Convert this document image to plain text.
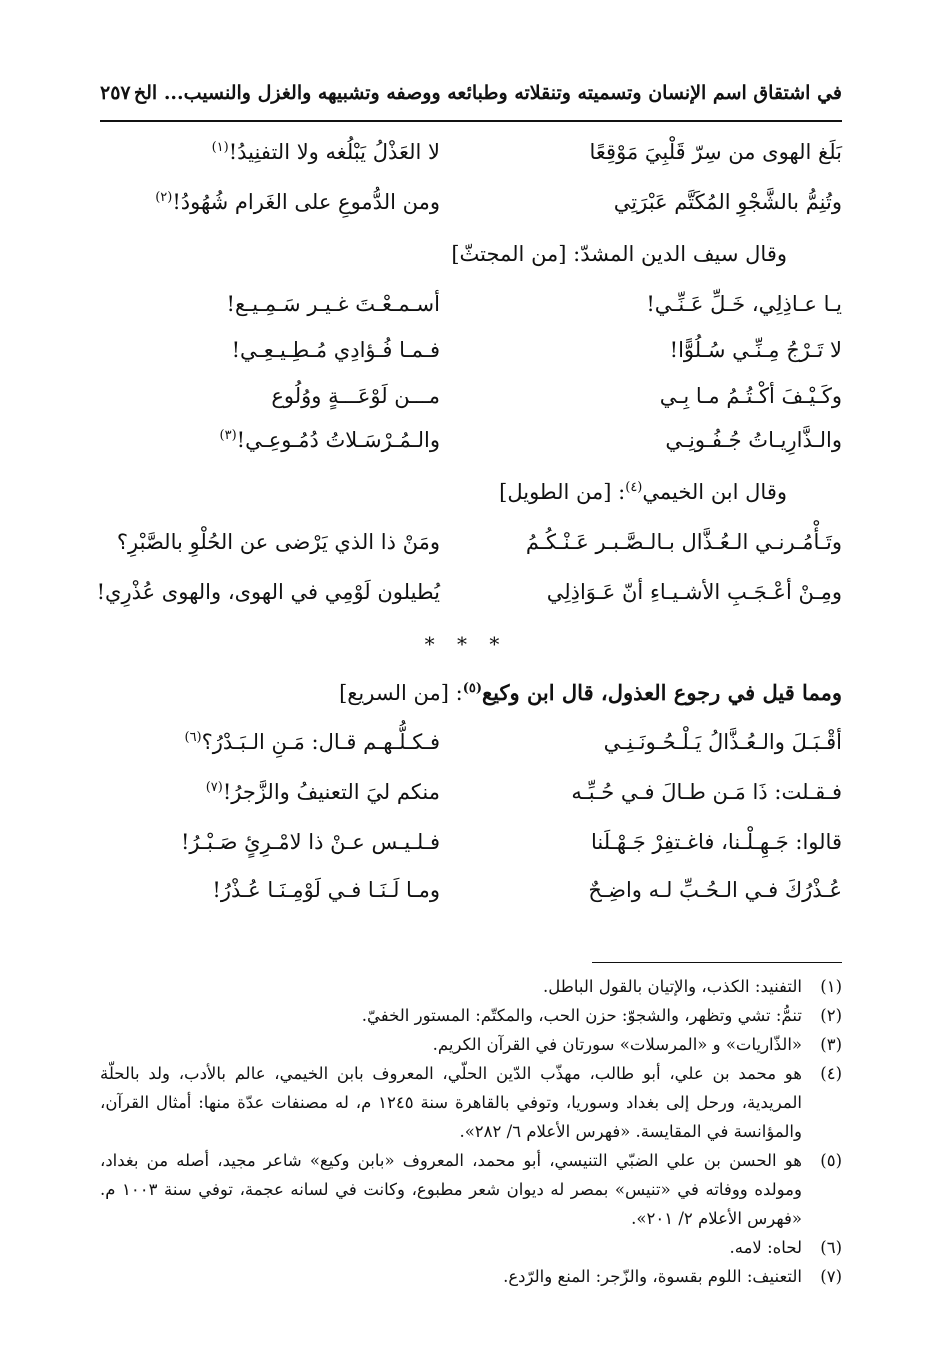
في اشتقاق اسم الإنسان وتسميته وتنقلاته وطبائعه ووصفه وتشبيهه والغزل والنسيب... الخ
٢٥٧
بَلَغ الهوى من سِرّ قَلْبِيَ مَوْقِعًا
لا العَذْلُ يَبْلُغه ولا التفنِيدُ!$^{(١)}$
وتُنِمُّ بالشَّجْوِ المُكَتَّم عَبْرَتِي
ومن الدُّموعِ على الغَرام شُهُودُ!$^{(٢)}$
وقال سيف الدين المشدّ: [من المجتثّ]
يـا عـاذِلِي، خَـلِّ عَـنِّـي!
أسـمـعْـتَ غـيـر سَـمِـيـع!
لا تَـرْجُ مِـنِّـي سُـلُوًّا!
فـمـا فُـؤادِي مُـطِـيـعِـي!
وكَـيْـفَ أكْـتُـمُ مـا بِـي
مـــن لَوْعَـــةٍ ووُلُوع
والـذَّارِيـاتُ جُـفُـونِـي
والـمُـرْسَـلاتُ دُمُـوعِـي!$^{(٣)}$
وقال ابن الخيمي$^{(٤)}$: [من الطويل]
وتَـأْمُـرنـي الـعُـذَّال بـالـصَّـبـر عَـنْـكُـمُ
ومَنْ ذا الذي يَرْضى عن الحُلْوِ بالصَّبْرِ؟
ومِـنْ أعْـجَـبِ الأشـيـاءِ أنّ عَـوَاذِلِي
يُطيلون لَوْمِي في الهوى، والهوى عُذْرِي!
* * *
ومما قيل في رجوع العذول، قال ابن وكيع$^{(٥)}$: [من السريع]
أقْـبَـلَ والـعُـذَّالُ يَـلْـحُـونَـنِـي
فـكـلُّـهـم قـال: مَـنِ الـبَـدْرُ؟$^{(٦)}$
فـقـلت: ذَا مَـن طـالَ فـي حُـبِّـه
منكم ليَ التعنيفُ والزَّجرُ!$^{(٧)}$
قالوا: جَـهِـلْـنا، فاغـتفِرْ جَـهْـلَنا
فـلـيـس عـنْ ذا لامْـرِئٍ صَـبْـرُ!
عُـذْرُكَ فـي الـحُـبِّ لـه واضِـحٌ
ومـا لَـنَـا فـي لَوْمِـنَـا عُـذْرُ!
(١)
التفنيد: الكذب، والإتيان بالقول الباطل.
(٢)
تنمُّ: تشي وتظهر، والشجوّ: حزن الحب، والمكتّم: المستور الخفيّ.
(٣)
«الذّاريات» و «المرسلات» سورتان في القرآن الكريم.
(٤)
هو محمد بن علي، أبو طالب، مهذّب الدّين الحلّي، المعروف بابن الخيمي، عالم بالأدب، ولد بالحلّة المريدية، ورحل إلى بغداد وسوريا، وتوفي بالقاهرة سنة ١٢٤٥ م، له مصنفات عدّة منها: أمثال القرآن، والمؤانسة في المقايسة. «فهرس الأعلام ٦/ ٢٨٢».
(٥)
هو الحسن بن علي الضبّي التنيسي، أبو محمد، المعروف «بابن وكيع» شاعر مجيد، أصله من بغداد، ومولده ووفاته في «تنيس» بمصر له ديوان شعر مطبوع، وكانت في لسانه عجمة، توفي سنة ١٠٠٣ م. «فهرس الأعلام ٢/ ٢٠١».
(٦)
لحاه: لامه.
(٧)
التعنيف: اللوم بقسوة، والزّجر: المنع والرّدع.
